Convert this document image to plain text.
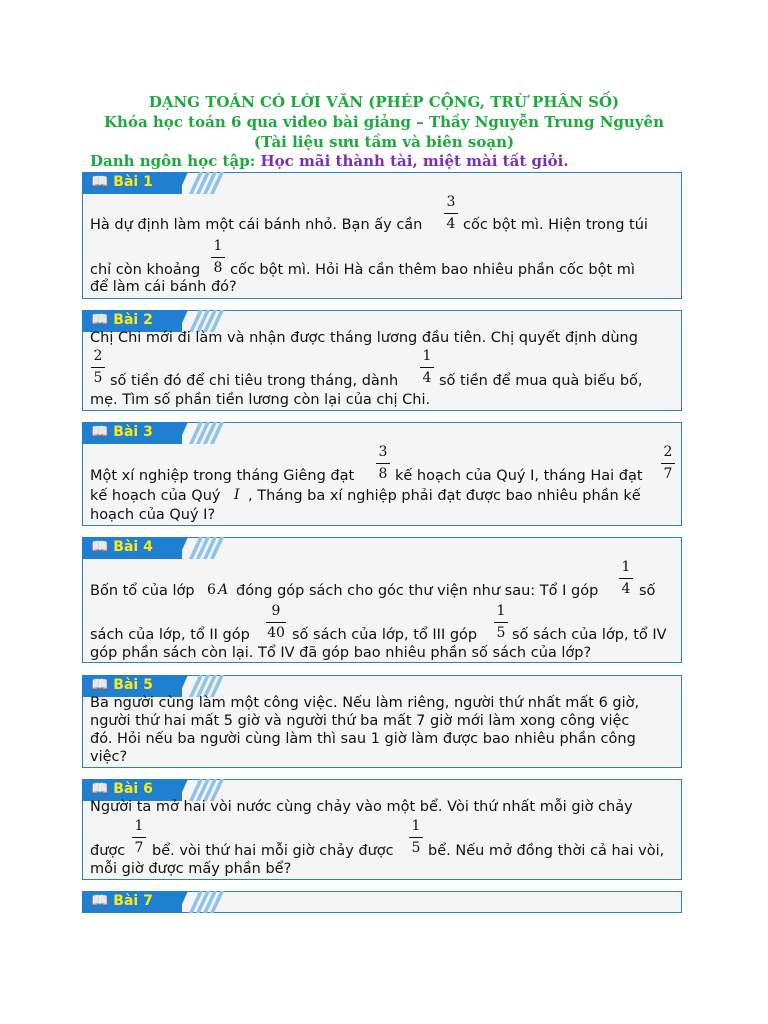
DẠNG TOÁN CÓ LỜI VĂN (PHÉP CỘNG, TRỪ PHÂN SỐ)
Khóa học toán 6 qua video bài giảng – Thầy Nguyễn Trung Nguyên
(Tài liệu sưu tầm và biên soạn)
Danh ngôn học tập: Học mãi thành tài, miệt mài tất giỏi.
📖 Bài 1
Hà dự định làm một cái bánh nhỏ. Bạn ấy cần
3
4 cốc bột mì. Hiện trong túi
chỉ còn khoảng
1
8 cốc bột mì. Hỏi Hà cần thêm bao nhiêu phần cốc bột mì
để làm cái bánh đó?
📖 Bài 2
Chị Chi mới đi làm và nhận được tháng lương đầu tiên. Chị quyết định dùng
2
5 số tiền đó để chi tiêu trong tháng, dành
1
4 số tiền để mua quà biếu bố,
mẹ. Tìm số phần tiền lương còn lại của chị Chi.
📖 Bài 3
Một xí nghiệp trong tháng Giêng đạt
3
8 kế hoạch của Quý I, tháng Hai đạt
2
7
kế hoạch của Quý I , Tháng ba xí nghiệp phải đạt được bao nhiêu phần kế
hoạch của Quý I?
📖 Bài 4
Bốn tổ của lớp 6 A đóng góp sách cho góc thư viện như sau: Tổ I góp
1
4 số
sách của lớp, tổ II góp
9
40 số sách của lớp, tổ III góp
1
5 số sách của lớp, tổ IV
góp phần sách còn lại. Tổ IV đã góp bao nhiêu phần số sách của lớp?
📖 Bài 5
Ba người cùng làm một công việc. Nếu làm riêng, người thứ nhất mất 6 giờ,
người thứ hai mất 5 giờ và người thứ ba mất 7 giờ mới làm xong công việc
đó. Hỏi nếu ba người cùng làm thì sau 1 giờ làm được bao nhiêu phần công
việc?
📖 Bài 6
Người ta mở hai vòi nước cùng chảy vào một bể. Vòi thứ nhất mỗi giờ chảy
được
1
7 bể. vòi thứ hai mỗi giờ chảy được
1
5 bể. Nếu mở đồng thời cả hai vòi,
mỗi giờ được mấy phần bể?
📖 Bài 7
